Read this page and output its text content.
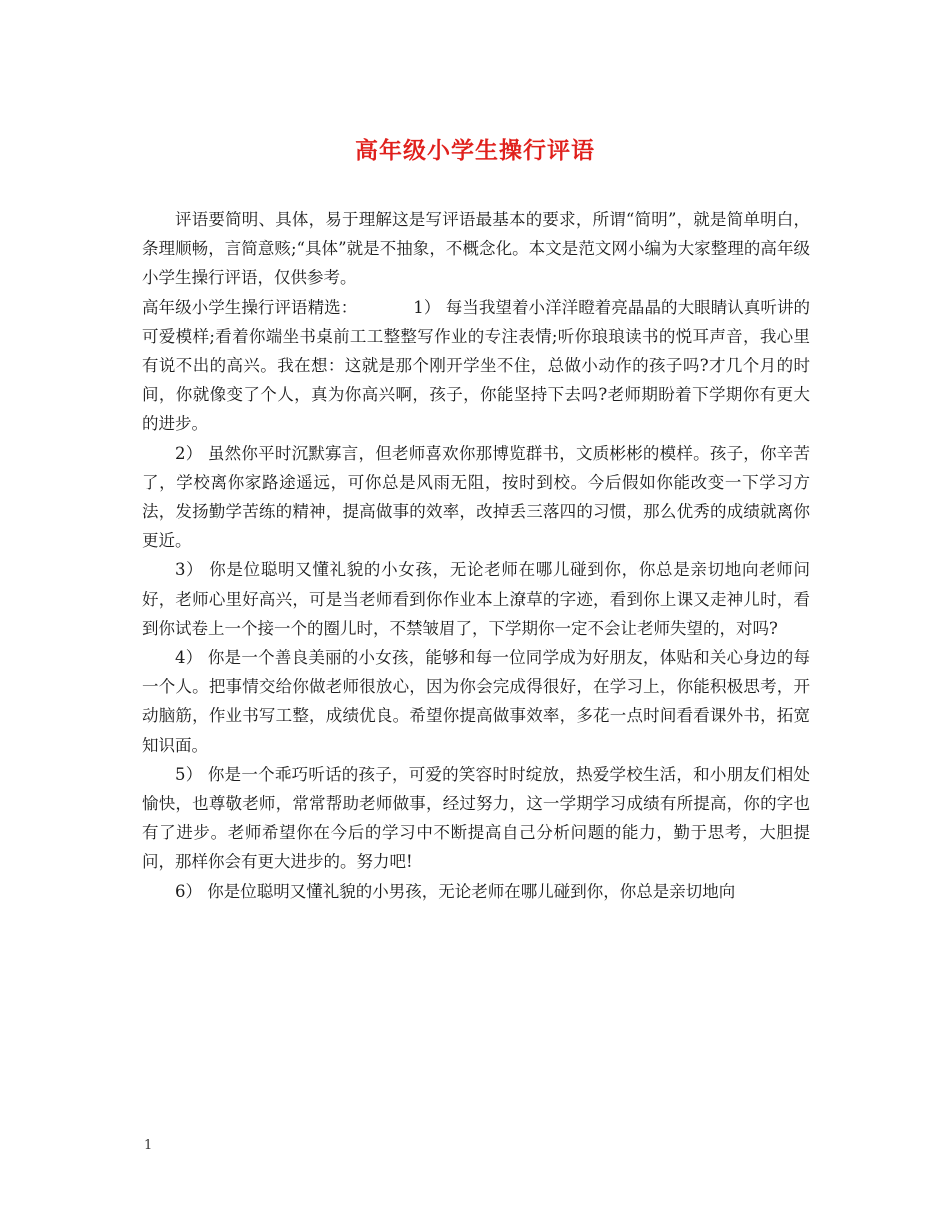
高年级小学生操行评语

评语要简明、具体，易于理解这是写评语最基本的要求，所谓“简明”，就是简单明白，条理顺畅，言简意赅;“具体”就是不抽象，不概念化。本文是范文网小编为大家整理的高年级小学生操行评语，仅供参考。

高年级小学生操行评语精选：	1） 每当我望着小洋洋瞪着亮晶晶的大眼睛认真听讲的可爱模样;看着你端坐书桌前工工整整写作业的专注表情;听你琅琅读书的悦耳声音，我心里有说不出的高兴。我在想：这就是那个刚开学坐不住，总做小动作的孩子吗?才几个月的时间，你就像变了个人，真为你高兴啊，孩子，你能坚持下去吗?老师期盼着下学期你有更大的进步。

2） 虽然你平时沉默寡言，但老师喜欢你那博览群书，文质彬彬的模样。孩子，你辛苦了，学校离你家路途遥远，可你总是风雨无阻，按时到校。今后假如你能改变一下学习方法，发扬勤学苦练的精神，提高做事的效率，改掉丢三落四的习惯，那么优秀的成绩就离你更近。

3） 你是位聪明又懂礼貌的小女孩，无论老师在哪儿碰到你，你总是亲切地向老师问好，老师心里好高兴，可是当老师看到你作业本上潦草的字迹，看到你上课又走神儿时，看到你试卷上一个接一个的圈儿时，不禁皱眉了，下学期你一定不会让老师失望的，对吗?

4） 你是一个善良美丽的小女孩，能够和每一位同学成为好朋友，体贴和关心身边的每一个人。把事情交给你做老师很放心，因为你会完成得很好，在学习上，你能积极思考，开动脑筋，作业书写工整，成绩优良。希望你提高做事效率，多花一点时间看看课外书，拓宽知识面。

5） 你是一个乖巧听话的孩子，可爱的笑容时时绽放，热爱学校生活，和小朋友们相处愉快，也尊敬老师，常常帮助老师做事，经过努力，这一学期学习成绩有所提高，你的字也有了进步。老师希望你在今后的学习中不断提高自己分析问题的能力，勤于思考，大胆提问，那样你会有更大进步的。努力吧!

6） 你是位聪明又懂礼貌的小男孩，无论老师在哪儿碰到你，你总是亲切地向

1
